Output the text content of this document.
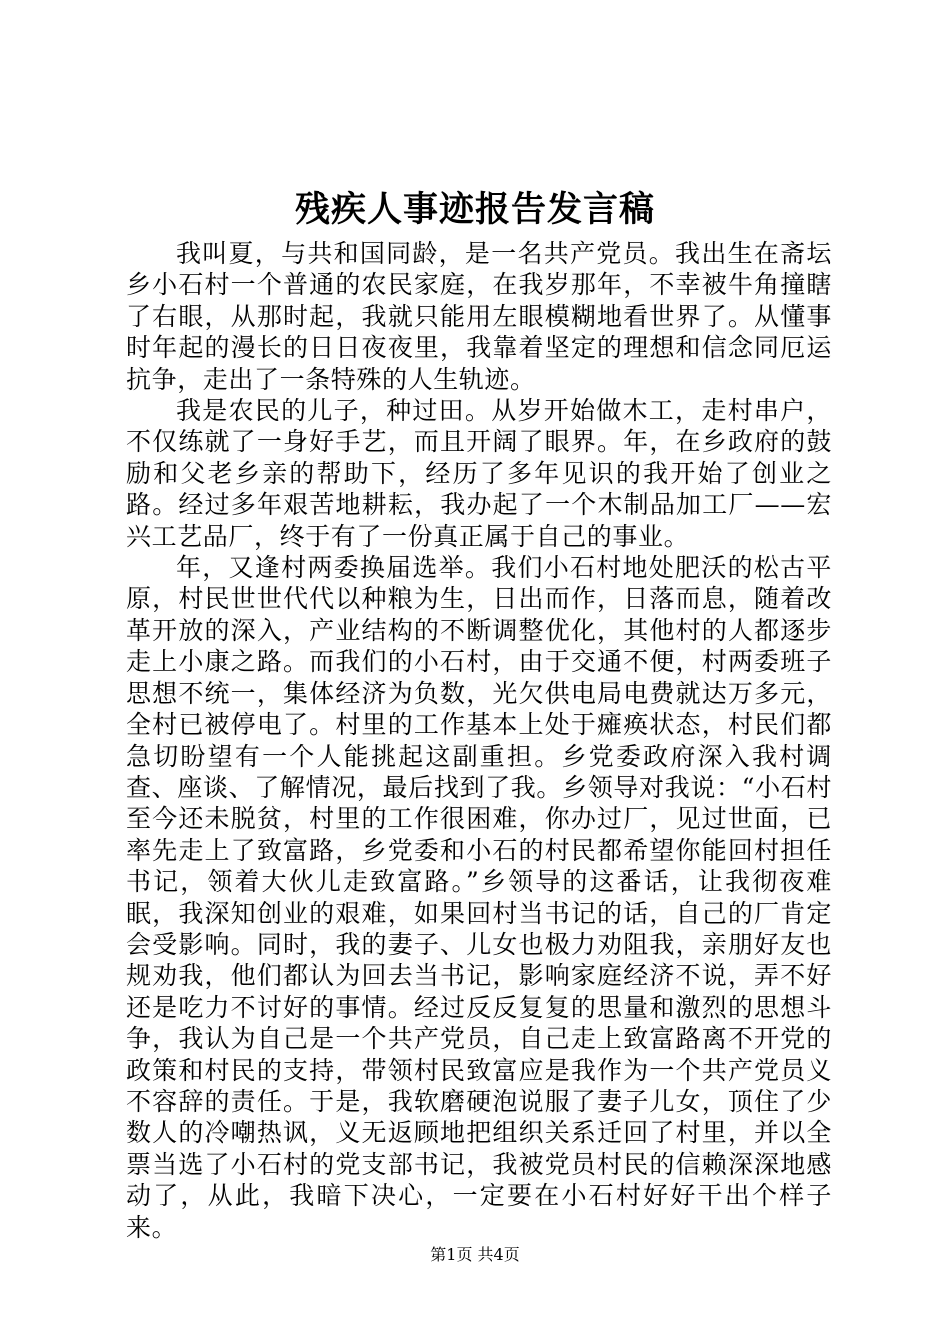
残疾人事迹报告发言稿

我叫夏，与共和国同龄，是一名共产党员。我出生在斋坛乡小石村一个普通的农民家庭，在我岁那年，不幸被牛角撞瞎了右眼，从那时起，我就只能用左眼模糊地看世界了。从懂事时年起的漫长的日日夜夜里，我靠着坚定的理想和信念同厄运抗争，走出了一条特殊的人生轨迹。

我是农民的儿子，种过田。从岁开始做木工，走村串户，不仅练就了一身好手艺，而且开阔了眼界。年，在乡政府的鼓励和父老乡亲的帮助下，经历了多年见识的我开始了创业之路。经过多年艰苦地耕耘，我办起了一个木制品加工厂——宏兴工艺品厂，终于有了一份真正属于自己的事业。

年，又逢村两委换届选举。我们小石村地处肥沃的松古平原，村民世世代代以种粮为生，日出而作，日落而息，随着改革开放的深入，产业结构的不断调整优化，其他村的人都逐步走上小康之路。而我们的小石村，由于交通不便，村两委班子思想不统一，集体经济为负数，光欠供电局电费就达万多元，全村已被停电了。村里的工作基本上处于瘫痪状态，村民们都急切盼望有一个人能挑起这副重担。乡党委政府深入我村调查、座谈、了解情况，最后找到了我。乡领导对我说：“小石村至今还未脱贫，村里的工作很困难，你办过厂，见过世面，已率先走上了致富路，乡党委和小石的村民都希望你能回村担任书记，领着大伙儿走致富路。”乡领导的这番话，让我彻夜难眠，我深知创业的艰难，如果回村当书记的话，自己的厂肯定会受影响。同时，我的妻子、儿女也极力劝阻我，亲朋好友也规劝我，他们都认为回去当书记，影响家庭经济不说，弄不好还是吃力不讨好的事情。经过反反复复的思量和激烈的思想斗争，我认为自己是一个共产党员，自己走上致富路离不开党的政策和村民的支持，带领村民致富应是我作为一个共产党员义不容辞的责任。于是，我软磨硬泡说服了妻子儿女，顶住了少数人的冷嘲热讽，义无返顾地把组织关系迁回了村里，并以全票当选了小石村的党支部书记，我被党员村民的信赖深深地感动了，从此，我暗下决心，一定要在小石村好好干出个样子来。

第1页 共4页
